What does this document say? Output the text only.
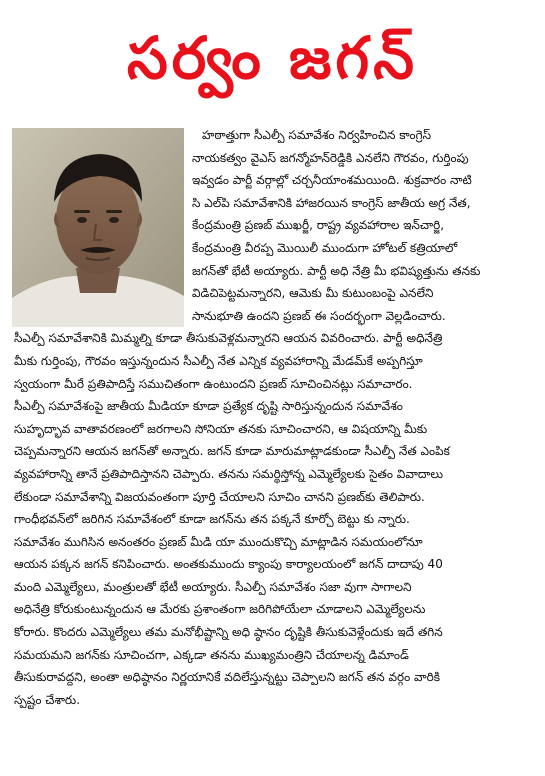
సర్వం జగన్
హఠాత్తుగా సీఎల్పీ సమావేశం నిర్వహించిన కాంగ్రెస్
నాయకత్వం వైఎస్ జగన్మోహన్‌రెడ్డికి ఎనలేని గౌరవం, గుర్తింపు
ఇవ్వడం పార్టీ వర్గాల్లో చర్చనీయాంశమయింది. శుక్రవారం నాటి
సి ఎల్‌పి సమావేశానికి హాజరయిన కాంగ్రెస్ జాతీయ అగ్ర నేత,
కేంద్రమంత్రి ప్రణబ్ ముఖర్జీ, రాష్ట్ర వ్యవహారాల ఇన్‌చార్జి,
కేంద్రమంత్రి వీరప్ప మొయిలీ ముందుగా హోటల్ కత్రియాలో
జగన్‌తో భేటీ అయ్యారు. పార్టీ అధి నేత్రి మీ భవిష్యత్తును తనకు
విడిచిపెట్టమన్నారని, ఆమెకు మీ కుటుంబంపై ఎనలేని
సానుభూతి ఉందని ప్రణబ్ ఈ సందర్భంగా వెల్లడించారు.
సీఎల్పీ సమావేశానికి మిమ్మల్ని కూడా తీసుకువెళ్లమన్నారని ఆయన వివరించారు. పార్టీ అధినేత్రి
మీకు గుర్తింపు, గౌరవం ఇస్తున్నందున సీఎల్పీ నేత ఎన్నిక వ్యవహారాన్ని మేడమ్‌కే అప్పగిస్తూ
స్వయంగా మీరే ప్రతిపాదిస్తే సముచితంగా ఉంటుందని ప్రణబ్ సూచించినట్లు సమాచారం.
సీఎల్పీ సమావేశంపై జాతీయ మీడియా కూడా ప్రత్యేక దృష్టి సారిస్తున్నందున సమావేశం
సుహృద్భావ వాతావరణంలో జరగాలని సోనియా తనకు సూచించారని, ఆ విషయాన్ని మీకు
చెప్పమన్నారని ఆయన జగన్‌తో అన్నారు. జగన్ కూడా మారుమాట్లాడకుండా సీఎల్పీ నేత ఎంపిక
వ్యవహారాన్ని తానే ప్రతిపాదిస్తానని చెప్పారు. తనను సమర్థిస్తోన్న ఎమ్మెల్యేలకు సైతం వివాదాలు
లేకుండా సమావేశాన్ని విజయవంతంగా పూర్తి చేయాలని సూచిం చానని ప్రణబ్‌కు తెలిపారు.
గాంధీభవన్‌లో జరిగిన సమావేశంలో కూడా జగన్‌ను తన పక్కనే కూర్చో బెట్టు కు న్నారు.
సమావేశం ముగిసిన అనంతరం ప్రణబ్ మీడి యా ముందుకొచ్చి మాట్లాడిన సమయంలోనూ
ఆయన పక్కన జగన్ కనిపించారు. అంతకుముందు క్యాంపు కార్యాలయంలో జగన్ దాదాపు 40
మంది ఎమ్మెల్యేలు, మంత్రులతో భేటీ అయ్యారు. సీఎల్పీ సమావేశం సజా వుగా సాగాలని
అధినేత్రి కోరుకుంటున్నందున ఆ మేరకు ప్రశాంతంగా జరిగిపోయేలా చూడాలని ఎమ్మెల్యేలను
కోరారు. కొందరు ఎమ్మెల్యేలు తమ మనోభీష్టాన్ని అధి ష్ఠానం దృష్టికి తీసుకువెళ్లేందుకు ఇదే తగిన
సమయమని జగన్‌కు సూచించగా, ఎక్కడా తనను ముఖ్యమంత్రిని చేయాలన్న డిమాండ్
తీసుకురావద్దని, అంతా అధిష్ఠానం నిర్ణయానికే వదిలేస్తున్నట్టు చెప్పాలని జగన్ తన వర్గం వారికి
స్పష్టం చేశారు.
